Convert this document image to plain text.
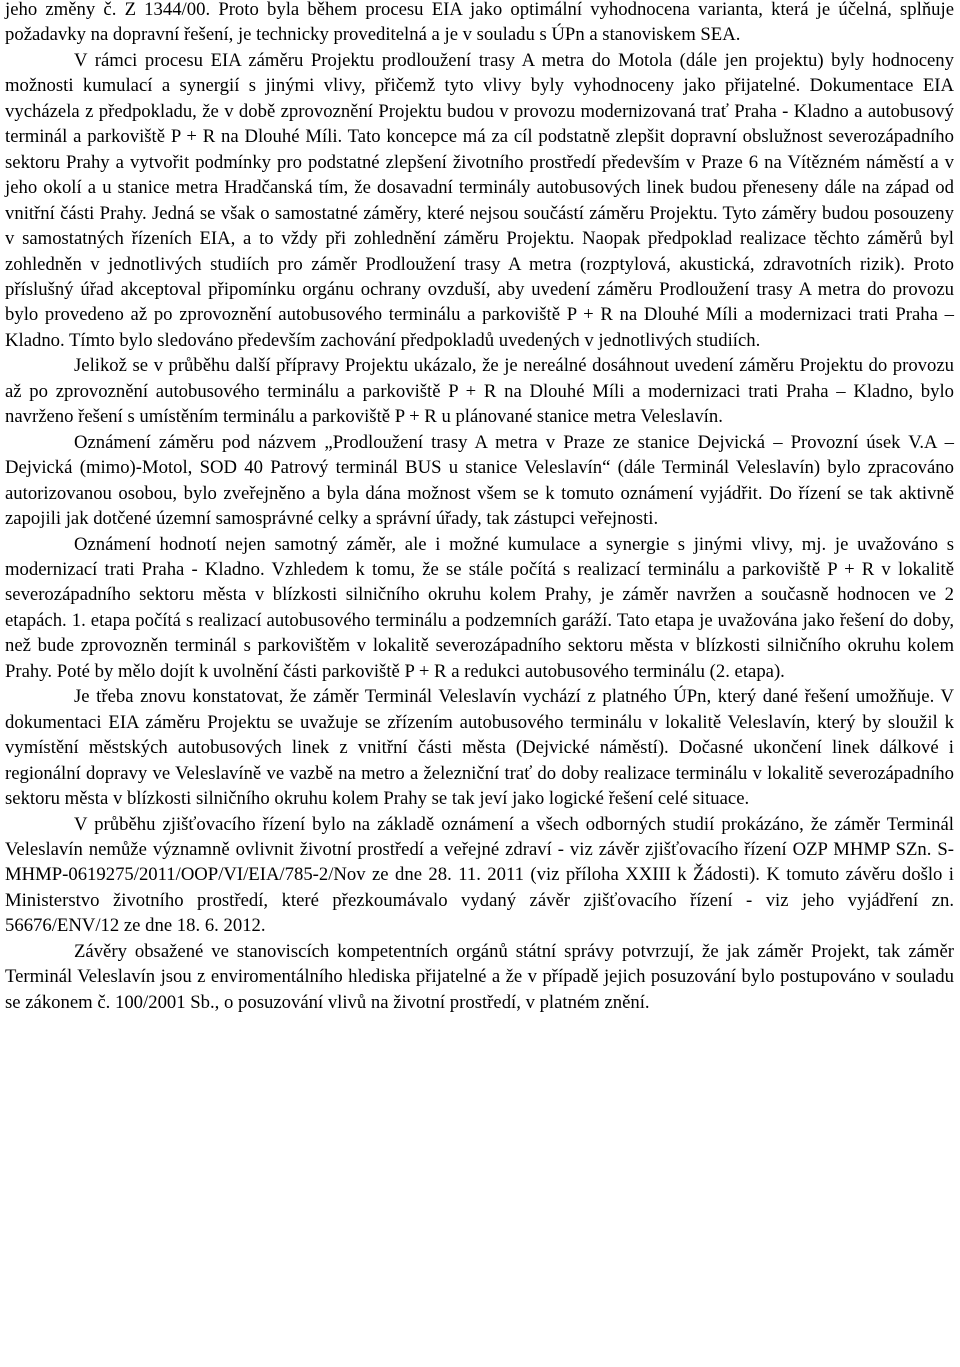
jeho změny č. Z 1344/00. Proto byla během procesu EIA jako optimální vyhodnocena varianta, která je účelná, splňuje požadavky na dopravní řešení, je technicky proveditelná a je v souladu s ÚPn a stanoviskem SEA.

V rámci procesu EIA záměru Projektu prodloužení trasy A metra do Motola (dále jen projektu) byly hodnoceny možnosti kumulací a synergií s jinými vlivy, přičemž tyto vlivy byly vyhodnoceny jako přijatelné. Dokumentace EIA vycházela z předpokladu, že v době zprovoznění Projektu budou v provozu modernizovaná trať Praha - Kladno a autobusový terminál a parkoviště P + R na Dlouhé Míli. Tato koncepce má za cíl podstatně zlepšit dopravní obslužnost severozápadního sektoru Prahy a vytvořit podmínky pro podstatné zlepšení životního prostředí především v Praze 6 na Vítězném náměstí a v jeho okolí a u stanice metra Hradčanská tím, že dosavadní terminály autobusových linek budou přeneseny dále na západ od vnitřní části Prahy. Jedná se však o samostatné záměry, které nejsou součástí záměru Projektu. Tyto záměry budou posouzeny v samostatných řízeních EIA, a to vždy při zohlednění záměru Projektu. Naopak předpoklad realizace těchto záměrů byl zohledněn v jednotlivých studiích pro záměr Prodloužení trasy A metra (rozptylová, akustická, zdravotních rizik). Proto příslušný úřad akceptoval připomínku orgánu ochrany ovzduší, aby uvedení záměru Prodloužení trasy A metra do provozu bylo provedeno až po zprovoznění autobusového terminálu a parkoviště P + R na Dlouhé Míli a modernizaci trati Praha – Kladno. Tímto bylo sledováno především zachování předpokladů uvedených v jednotlivých studiích.

Jelikož se v průběhu další přípravy Projektu ukázalo, že je nereálné dosáhnout uvedení záměru Projektu do provozu až po zprovoznění autobusového terminálu a parkoviště P + R na Dlouhé Míli a modernizaci trati Praha – Kladno, bylo navrženo řešení s umístěním terminálu a parkoviště P + R u plánované stanice metra Veleslavín.

Oznámení záměru pod názvem „Prodloužení trasy A metra v Praze ze stanice Dejvická – Provozní úsek V.A – Dejvická (mimo)-Motol, SOD 40 Patrový terminál BUS u stanice Veleslavín“ (dále Terminál Veleslavín) bylo zpracováno autorizovanou osobou, bylo zveřejněno a byla dána možnost všem se k tomuto oznámení vyjádřit. Do řízení se tak aktivně zapojili jak dotčené územní samosprávné celky a správní úřady, tak zástupci veřejnosti.

Oznámení hodnotí nejen samotný záměr, ale i možné kumulace a synergie s jinými vlivy, mj. je uvažováno s modernizací trati Praha - Kladno. Vzhledem k tomu, že se stále počítá s realizací terminálu a parkoviště P + R v lokalitě severozápadního sektoru města v blízkosti silničního okruhu kolem Prahy, je záměr navržen a současně hodnocen ve 2 etapách. 1. etapa počítá s realizací autobusového terminálu a podzemních garáží. Tato etapa je uvažována jako řešení do doby, než bude zprovozněn terminál s parkovištěm v lokalitě severozápadního sektoru města v blízkosti silničního okruhu kolem Prahy. Poté by mělo dojít k uvolnění části parkoviště P + R a redukci autobusového terminálu (2. etapa).

Je třeba znovu konstatovat, že záměr Terminál Veleslavín vychází z platného ÚPn, který dané řešení umožňuje. V dokumentaci EIA záměru Projektu se uvažuje se zřízením autobusového terminálu v lokalitě Veleslavín, který by sloužil k vymístění městských autobusových linek z vnitřní části města (Dejvické náměstí). Dočasné ukončení linek dálkové i regionální dopravy ve Veleslavíně ve vazbě na metro a železniční trať do doby realizace terminálu v lokalitě severozápadního sektoru města v blízkosti silničního okruhu kolem Prahy se tak jeví jako logické řešení celé situace.

V průběhu zjišťovacího řízení bylo na základě oznámení a všech odborných studií prokázáno, že záměr Terminál Veleslavín nemůže významně ovlivnit životní prostředí a veřejné zdraví - viz závěr zjišťovacího řízení OZP MHMP SZn. S-MHMP-0619275/2011/OOP/VI/EIA/785-2/Nov ze dne 28. 11. 2011 (viz příloha XXIII k Žádosti). K tomuto závěru došlo i Ministerstvo životního prostředí, které přezkoumávalo vydaný závěr zjišťovacího řízení - viz jeho vyjádření zn. 56676/ENV/12 ze dne 18. 6. 2012.

Závěry obsažené ve stanoviscích kompetentních orgánů státní správy potvrzují, že jak záměr Projekt, tak záměr Terminál Veleslavín jsou z enviromentálního hlediska přijatelné a že v případě jejich posuzování bylo postupováno v souladu se zákonem č. 100/2001 Sb., o posuzování vlivů na životní prostředí, v platném znění.
